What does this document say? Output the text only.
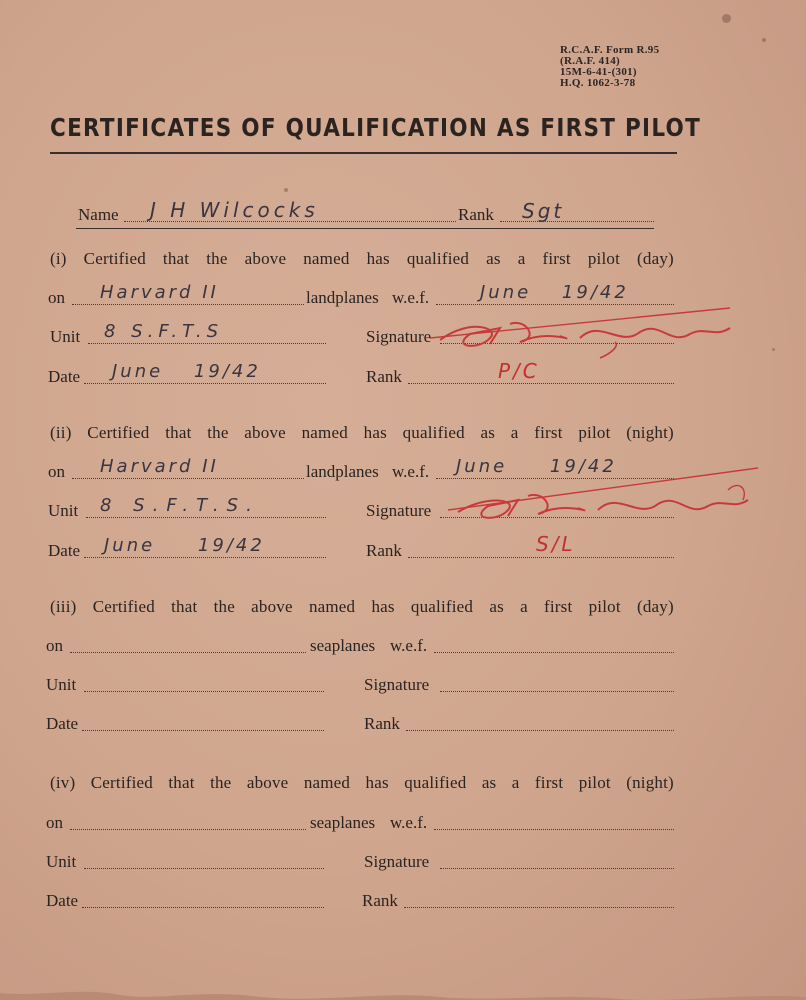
R.C.A.F. Form R.95
(R.A.F. 414)
15M-6-41-(301)
H.Q. 1062-3-78
CERTIFICATES OF QUALIFICATION AS FIRST PILOT
Name J H Wilcocks	Rank Sgt
(i) Certified that the above named has qualified as a first pilot (day)
on Harvard II	landplanes w.e.f.	June 19/42
Unit 8 S.F.T.S	Signature
Date June 19/42	Rank	P/C
(ii) Certified that the above named has qualified as a first pilot (night)
on Harvard II	landplanes w.e.f. June 19/42
Unit 8 S.F.T.S.	Signature
Date June 19/42	Rank	S/L
(iii) Certified that the above named has qualified as a first pilot (day)
on	seaplanes w.e.f.
Unit	Signature
Date	Rank
(iv) Certified that the above named has qualified as a first pilot (night)
on	seaplanes w.e.f.
Unit	Signature
Date	Rank
